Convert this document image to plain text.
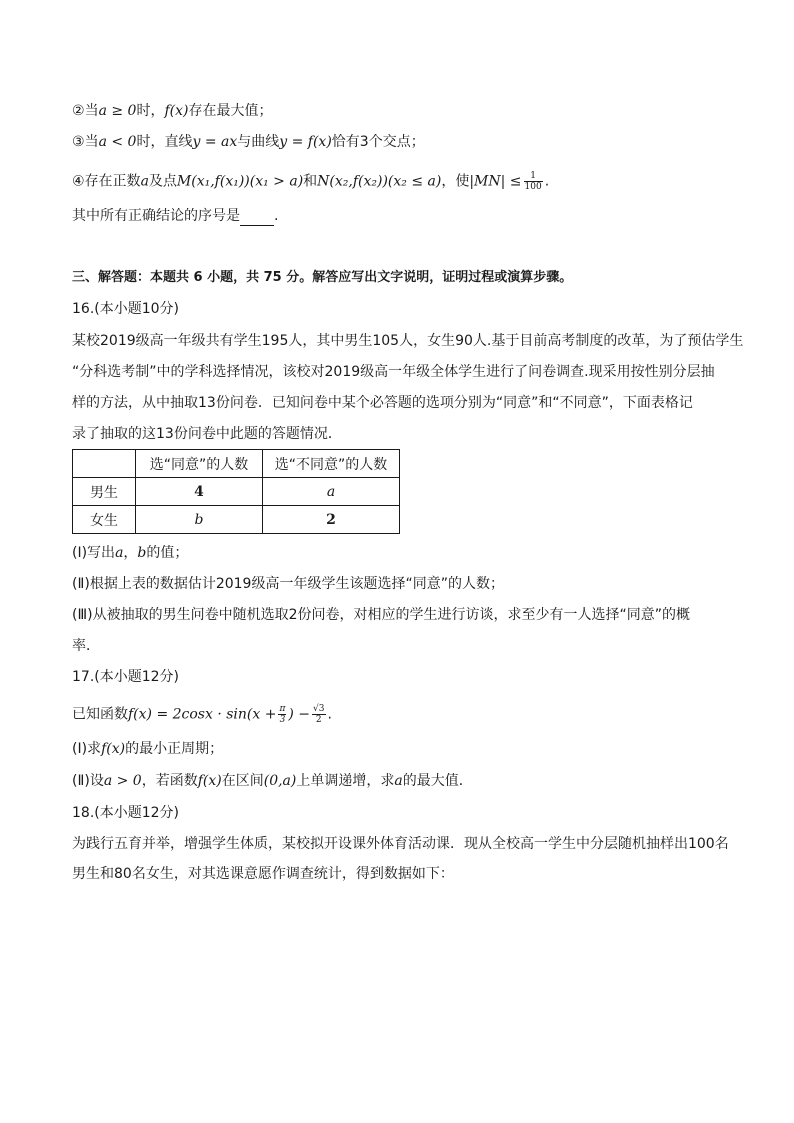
②当a ≥ 0时，f(x)存在最大值；
③当a < 0时，直线y = ax与曲线y = f(x)恰有3个交点；
④存在正数a及点M(x₁,f(x₁))(x₁ > a)和N(x₂,f(x₂))(x₂ ≤ a)，使$|MN| \le \frac{1}{100}$ .
其中所有正确结论的序号是 .
三、解答题：本题共 6 小题，共 75 分。解答应写出文字说明，证明过程或演算步骤。
16.(本小题10分)
某校2019级高一年级共有学生195人，其中男生105人，女生90人.基于目前高考制度的改革，为了预估学生
“分科选考制”中的学科选择情况，该校对2019级高一年级全体学生进行了问卷调查.现采用按性别分层抽
样的方法，从中抽取13份问卷．已知问卷中某个必答题的选项分别为“同意”和“不同意”，下面表格记
录了抽取的这13份问卷中此题的答题情况．
	选“同意”的人数	选“不同意”的人数
男生	4	a
女生	b	2
(Ⅰ)写出a，b的值；
(Ⅱ)根据上表的数据估计2019级高一年级学生该题选择“同意”的人数；
(Ⅲ)从被抽取的男生问卷中随机选取2份问卷，对相应的学生进行访谈，求至少有一人选择“同意”的概
率．
17.(本小题12分)
已知函数$f(x) = 2\cos x \cdot \sin(x + \frac{\pi}{3}$ ) − $\frac{√3}{2}$ .
(Ⅰ)求f(x)的最小正周期；
(Ⅱ)设a > 0，若函数f(x)在区间(0,a)上单调递增，求a的最大值．
18.(本小题12分)
为践行五育并举，增强学生体质，某校拟开设课外体育活动课．现从全校高一学生中分层随机抽样出100名
男生和80名女生，对其选课意愿作调查统计，得到数据如下：
